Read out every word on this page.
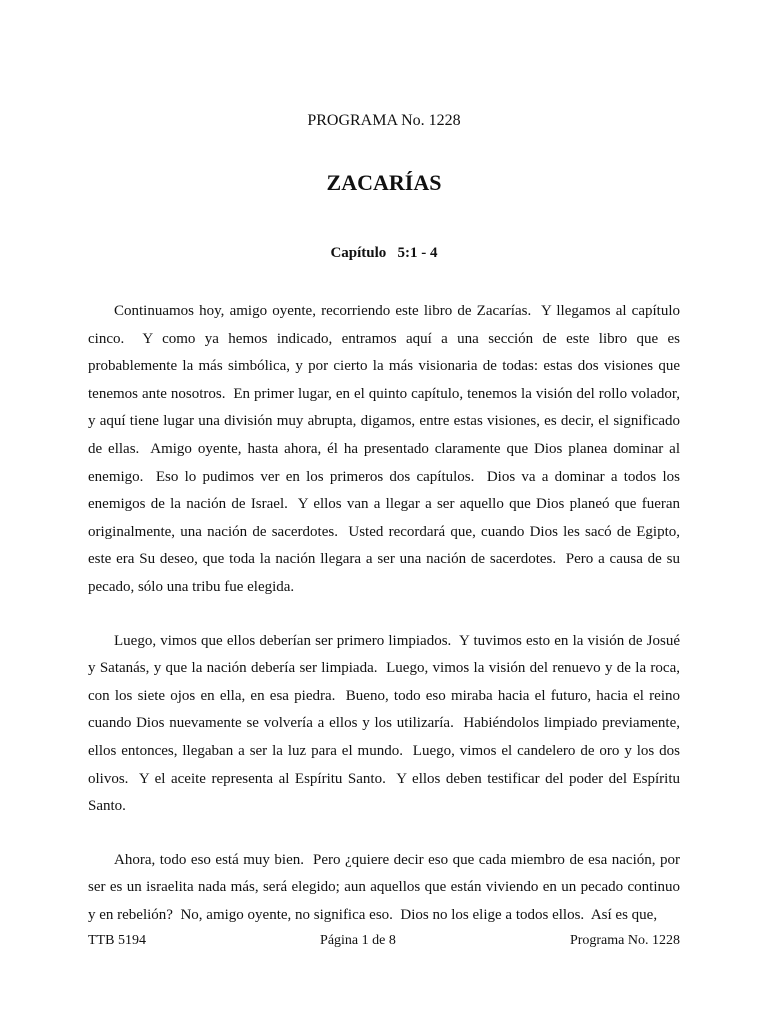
PROGRAMA No. 1228
ZACARÍAS
Capítulo   5:1 - 4

Continuamos hoy, amigo oyente, recorriendo este libro de Zacarías.  Y llegamos al capítulo cinco.  Y como ya hemos indicado, entramos aquí a una sección de este libro que es probablemente la más simbólica, y por cierto la más visionaria de todas: estas dos visiones que tenemos ante nosotros.  En primer lugar, en el quinto capítulo, tenemos la visión del rollo volador, y aquí tiene lugar una división muy abrupta, digamos, entre estas visiones, es decir, el significado de ellas.  Amigo oyente, hasta ahora, él ha presentado claramente que Dios planea dominar al enemigo.  Eso lo pudimos ver en los primeros dos capítulos.  Dios va a dominar a todos los enemigos de la nación de Israel.  Y ellos van a llegar a ser aquello que Dios planeó que fueran originalmente, una nación de sacerdotes.  Usted recordará que, cuando Dios les sacó de Egipto, este era Su deseo, que toda la nación llegara a ser una nación de sacerdotes.  Pero a causa de su pecado, sólo una tribu fue elegida.

Luego, vimos que ellos deberían ser primero limpiados.  Y tuvimos esto en la visión de Josué y Satanás, y que la nación debería ser limpiada.  Luego, vimos la visión del renuevo y de la roca, con los siete ojos en ella, en esa piedra.  Bueno, todo eso miraba hacia el futuro, hacia el reino cuando Dios nuevamente se volvería a ellos y los utilizaría.  Habiéndolos limpiado previamente, ellos entonces, llegaban a ser la luz para el mundo.  Luego, vimos el candelero de oro y los dos olivos.  Y el aceite representa al Espíritu Santo.  Y ellos deben testificar del poder del Espíritu Santo.

Ahora, todo eso está muy bien.  Pero ¿quiere decir eso que cada miembro de esa nación, por ser es un israelita nada más, será elegido; aun aquellos que están viviendo en un pecado continuo y en rebelión?  No, amigo oyente, no significa eso.  Dios no los elige a todos ellos.  Así es que,

TTB 5194	Página 1 de 8	Programa No. 1228
